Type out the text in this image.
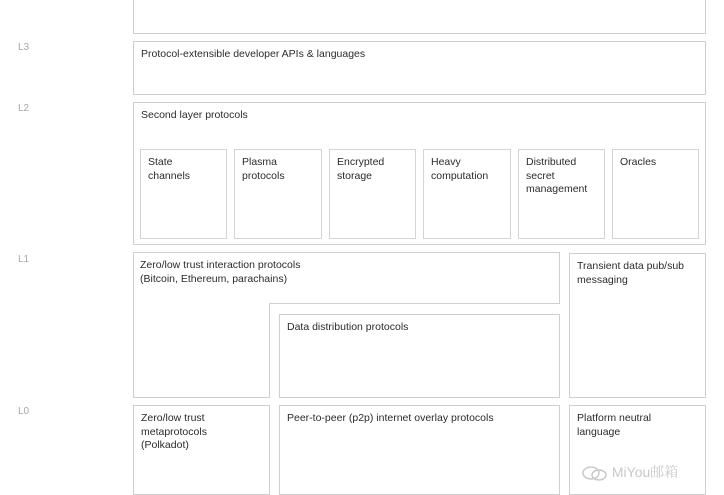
L3
L2
L1
L0
Protocol-extensible developer APIs & languages
Second layer protocols
State
channels
Plasma
protocols
Encrypted
storage
Heavy
computation
Distributed
secret
management
Oracles
Zero/low trust interaction protocols
(Bitcoin, Ethereum, parachains)
Data distribution protocols
Transient data pub/sub
messaging
Zero/low trust
metaprotocols
(Polkadot)
Peer-to-peer (p2p) internet overlay protocols	Platform neutral
language
MiYou邮箱
